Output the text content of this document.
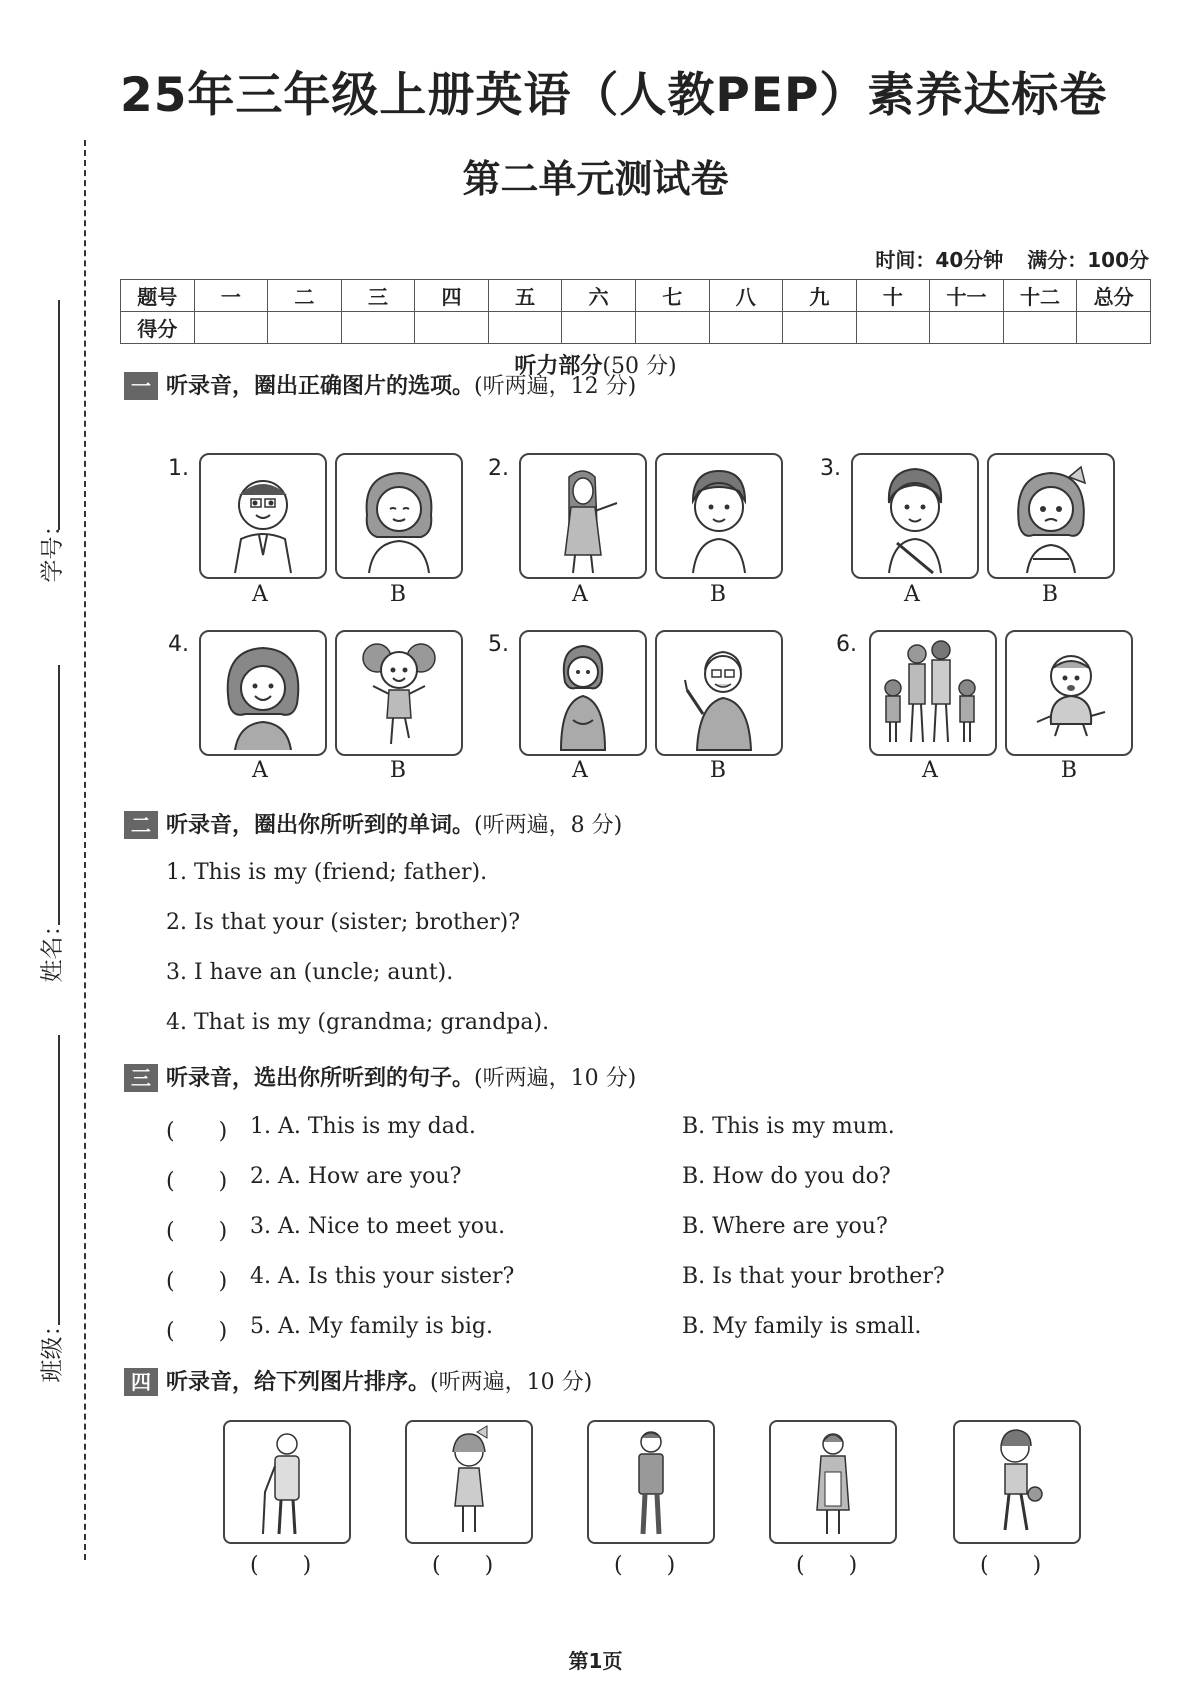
学号：
姓名：
班级：
25年三年级上册英语（人教PEP）素养达标卷
第二单元测试卷
时间：40分钟 满分：100分
题号	一	二	三	四	五	六	七	八	九	十	十一	十二	总分
得分													
听力部分(50 分)
一 听录音，圈出正确图片的选项。(听两遍，12 分)
1.
A	B
2.
A	B
3.
A	B
4.
A	B
5.
A	B
6.
A	B
二 听录音，圈出你所听到的单词。(听两遍，8 分)
1. This is my (friend; father).
2. Is that your (sister; brother)?
3. I have an (uncle; aunt).
4. That is my (grandma; grandpa).
三 听录音，选出你所听到的句子。(听两遍，10 分)
(　　) 1. A. This is my dad.	B. This is my mum.
(　　) 2. A. How are you?	B. How do you do?
(　　) 3. A. Nice to meet you.	B. Where are you?
(　　) 4. A. Is this your sister?	B. Is that your brother?
(　　) 5. A. My family is big.	B. My family is small.
四 听录音，给下列图片排序。(听两遍，10 分)
(　　)	(　　)	(　　)	(　　)	(　　)
第1页
